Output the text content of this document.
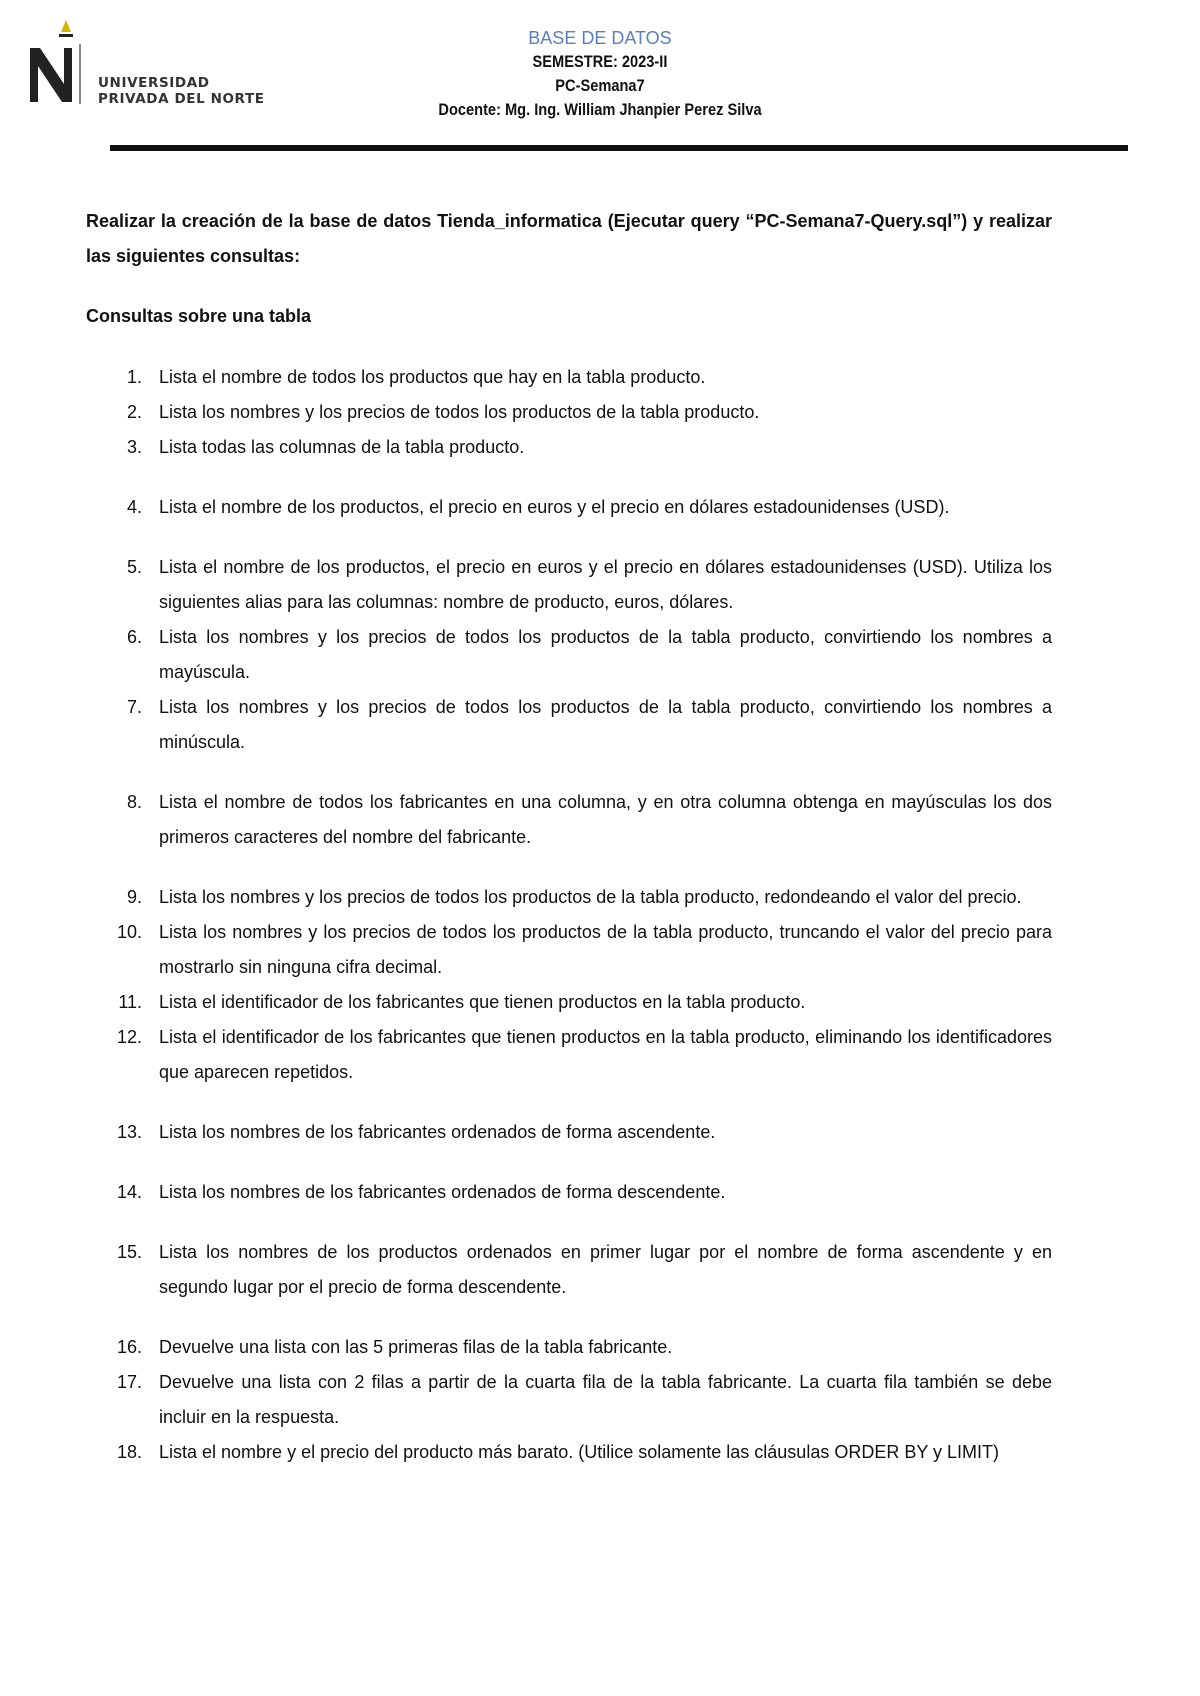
UNIVERSIDAD
PRIVADA DEL NORTE
BASE DE DATOS
SEMESTRE: 2023-II
PC-Semana7
Docente: Mg. Ing. William Jhanpier Perez Silva

Realizar la creación de la base de datos Tienda_informatica (Ejecutar query “PC-Semana7-Query.sql”) y realizar las siguientes consultas:

Consultas sobre una tabla
1. Lista el nombre de todos los productos que hay en la tabla producto.
2. Lista los nombres y los precios de todos los productos de la tabla producto.
3. Lista todas las columnas de la tabla producto.
4. Lista el nombre de los productos, el precio en euros y el precio en dólares estadounidenses (USD).
5. Lista el nombre de los productos, el precio en euros y el precio en dólares estadounidenses (USD). Utiliza los siguientes alias para las columnas: nombre de producto, euros, dólares.
6. Lista los nombres y los precios de todos los productos de la tabla producto, convirtiendo los nombres a mayúscula.
7. Lista los nombres y los precios de todos los productos de la tabla producto, convirtiendo los nombres a minúscula.
8. Lista el nombre de todos los fabricantes en una columna, y en otra columna obtenga en mayúsculas los dos primeros caracteres del nombre del fabricante.
9. Lista los nombres y los precios de todos los productos de la tabla producto, redondeando el valor del precio.
10. Lista los nombres y los precios de todos los productos de la tabla producto, truncando el valor del precio para mostrarlo sin ninguna cifra decimal.
11. Lista el identificador de los fabricantes que tienen productos en la tabla producto.
12. Lista el identificador de los fabricantes que tienen productos en la tabla producto, eliminando los identificadores que aparecen repetidos.
13. Lista los nombres de los fabricantes ordenados de forma ascendente.
14. Lista los nombres de los fabricantes ordenados de forma descendente.
15. Lista los nombres de los productos ordenados en primer lugar por el nombre de forma ascendente y en segundo lugar por el precio de forma descendente.
16. Devuelve una lista con las 5 primeras filas de la tabla fabricante.
17. Devuelve una lista con 2 filas a partir de la cuarta fila de la tabla fabricante. La cuarta fila también se debe incluir en la respuesta.
18. Lista el nombre y el precio del producto más barato. (Utilice solamente las cláusulas ORDER BY y LIMIT)
